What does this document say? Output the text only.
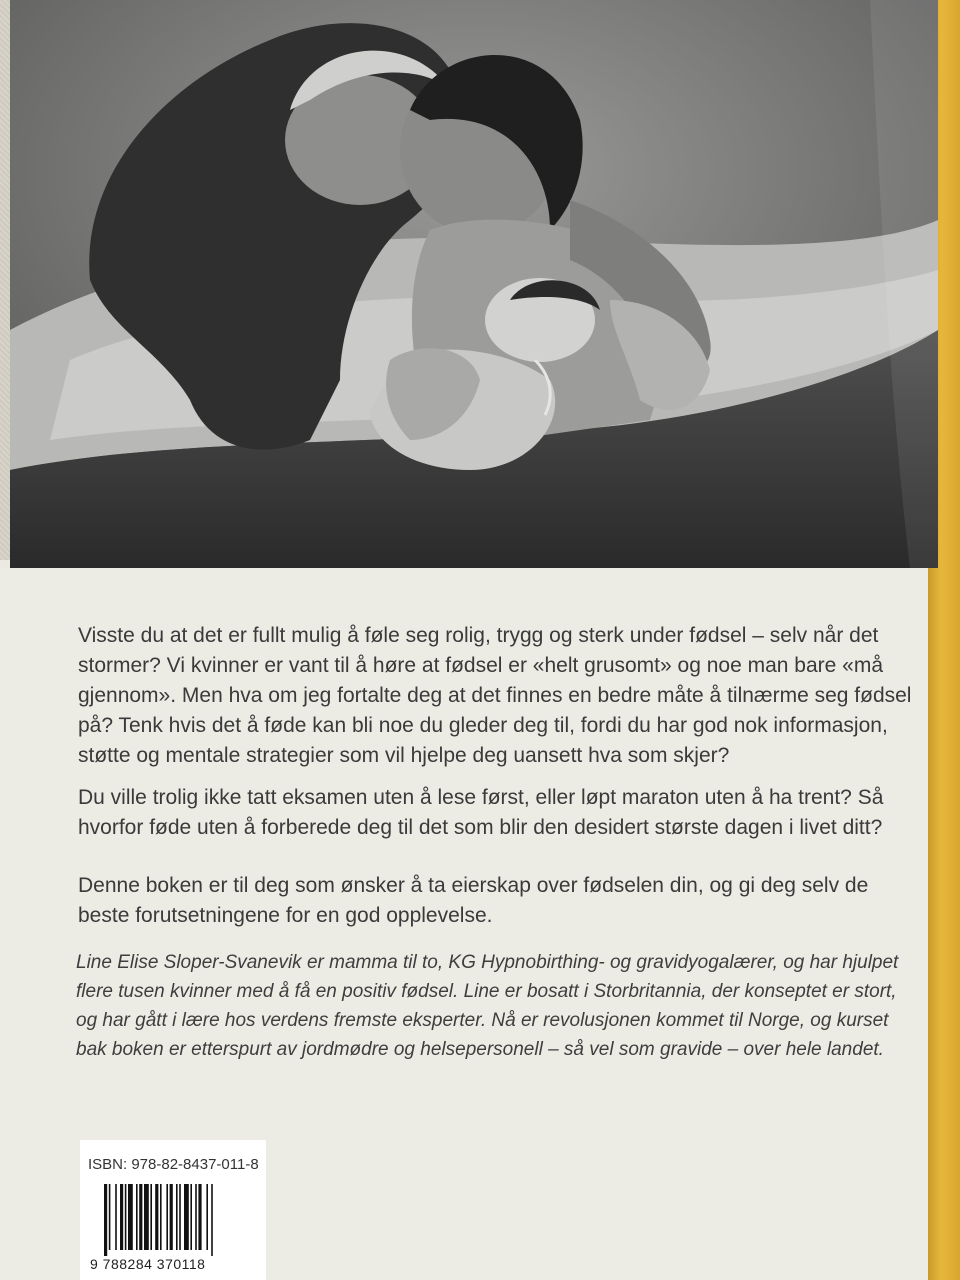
Visste du at det er fullt mulig å føle seg rolig, trygg og sterk under fødsel – selv når det stormer? Vi kvinner er vant til å høre at fødsel er «helt grusomt» og noe man bare «må gjennom». Men hva om jeg fortalte deg at det finnes en bedre måte å tilnærme seg fødsel på? Tenk hvis det å føde kan bli noe du gleder deg til, fordi du har god nok informasjon, støtte og mentale strategier som vil hjelpe deg uansett hva som skjer?

Du ville trolig ikke tatt eksamen uten å lese først, eller løpt maraton uten å ha trent? Så hvorfor føde uten å forberede deg til det som blir den desidert største dagen i livet ditt?

Denne boken er til deg som ønsker å ta eierskap over fødselen din, og gi deg selv de beste forutsetningene for en god opplevelse.

Line Elise Sloper-Svanevik er mamma til to, KG Hypnobirthing- og gravidyogalærer, og har hjulpet flere tusen kvinner med å få en positiv fødsel. Line er bosatt i Storbritannia, der konseptet er stort, og har gått i lære hos verdens fremste eksperter. Nå er revolusjonen kommet til Norge, og kurset bak boken er etterspurt av jordmødre og helsepersonell – så vel som gravide – over hele landet.

ISBN: 978-82-8437-011-8
9 788284 370118
